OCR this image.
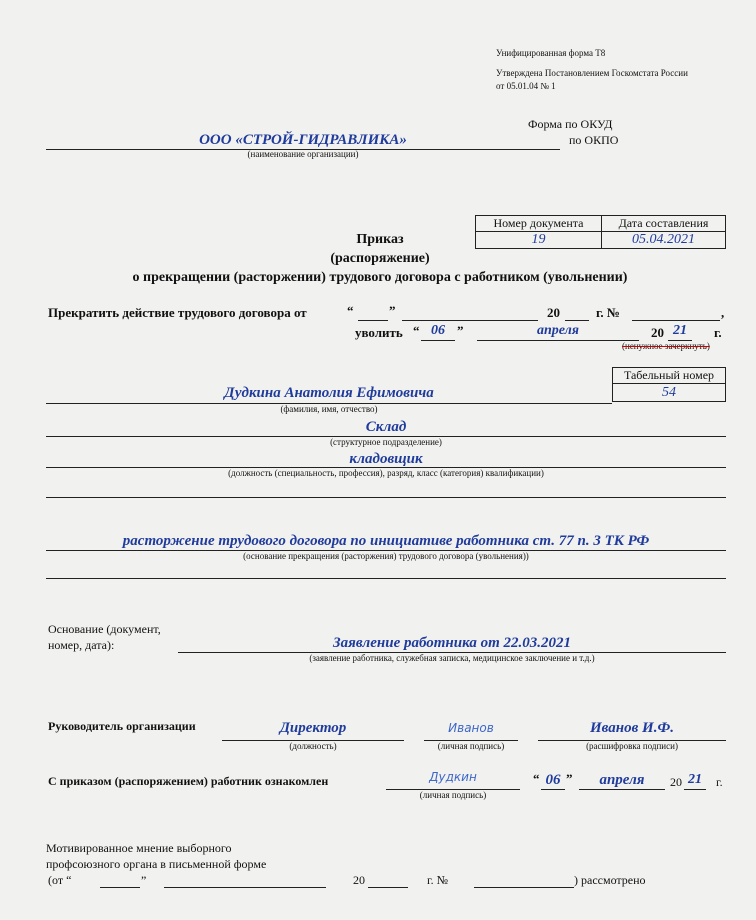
Унифицированная форма Т8
Утверждена Постановлением Госкомстата России
от 05.01.04 № 1
Форма по ОКУД
по ОКПО
ООО «СТРОЙ-ГИДРАВЛИКА»
(наименование организации)
Номер документа	Дата составления
19	05.04.2021
Приказ
(распоряжение)
о прекращении (расторжении) трудового договора с работником (увольнении)
Прекратить действие трудового договора от	“	”	20	г. №	,
уволить “ 06 ”	апреля	20 21	г.
(ненужное зачеркнуть)
Табельный номер
54
Дудкина Анатолия Ефимовича
(фамилия, имя, отчество)
Склад
(структурное подразделение)
кладовщик
(должность (специальность, профессия), разряд, класс (категория) квалификации)
расторжение трудового договора по инициативе работника ст. 77 п. 3 ТК РФ
(основание прекращения (расторжения) трудового договора (увольнения))
Основание (документ,
номер, дата):	Заявление работника от 22.03.2021
(заявление работника, служебная записка, медицинское заключение и т.д.)
Руководитель организации	Директор
(должность)
Иванов
(личная подпись)
Иванов И.Ф.
(расшифровка подписи)
С приказом (распоряжением) работник ознакомлен	Дудкин
(личная подпись)
“ 06 ”	апреля	20 21	г.
Мотивированное мнение выборного
профсоюзного органа в письменной форме
(от “	”	20	г. №	) рассмотрено
